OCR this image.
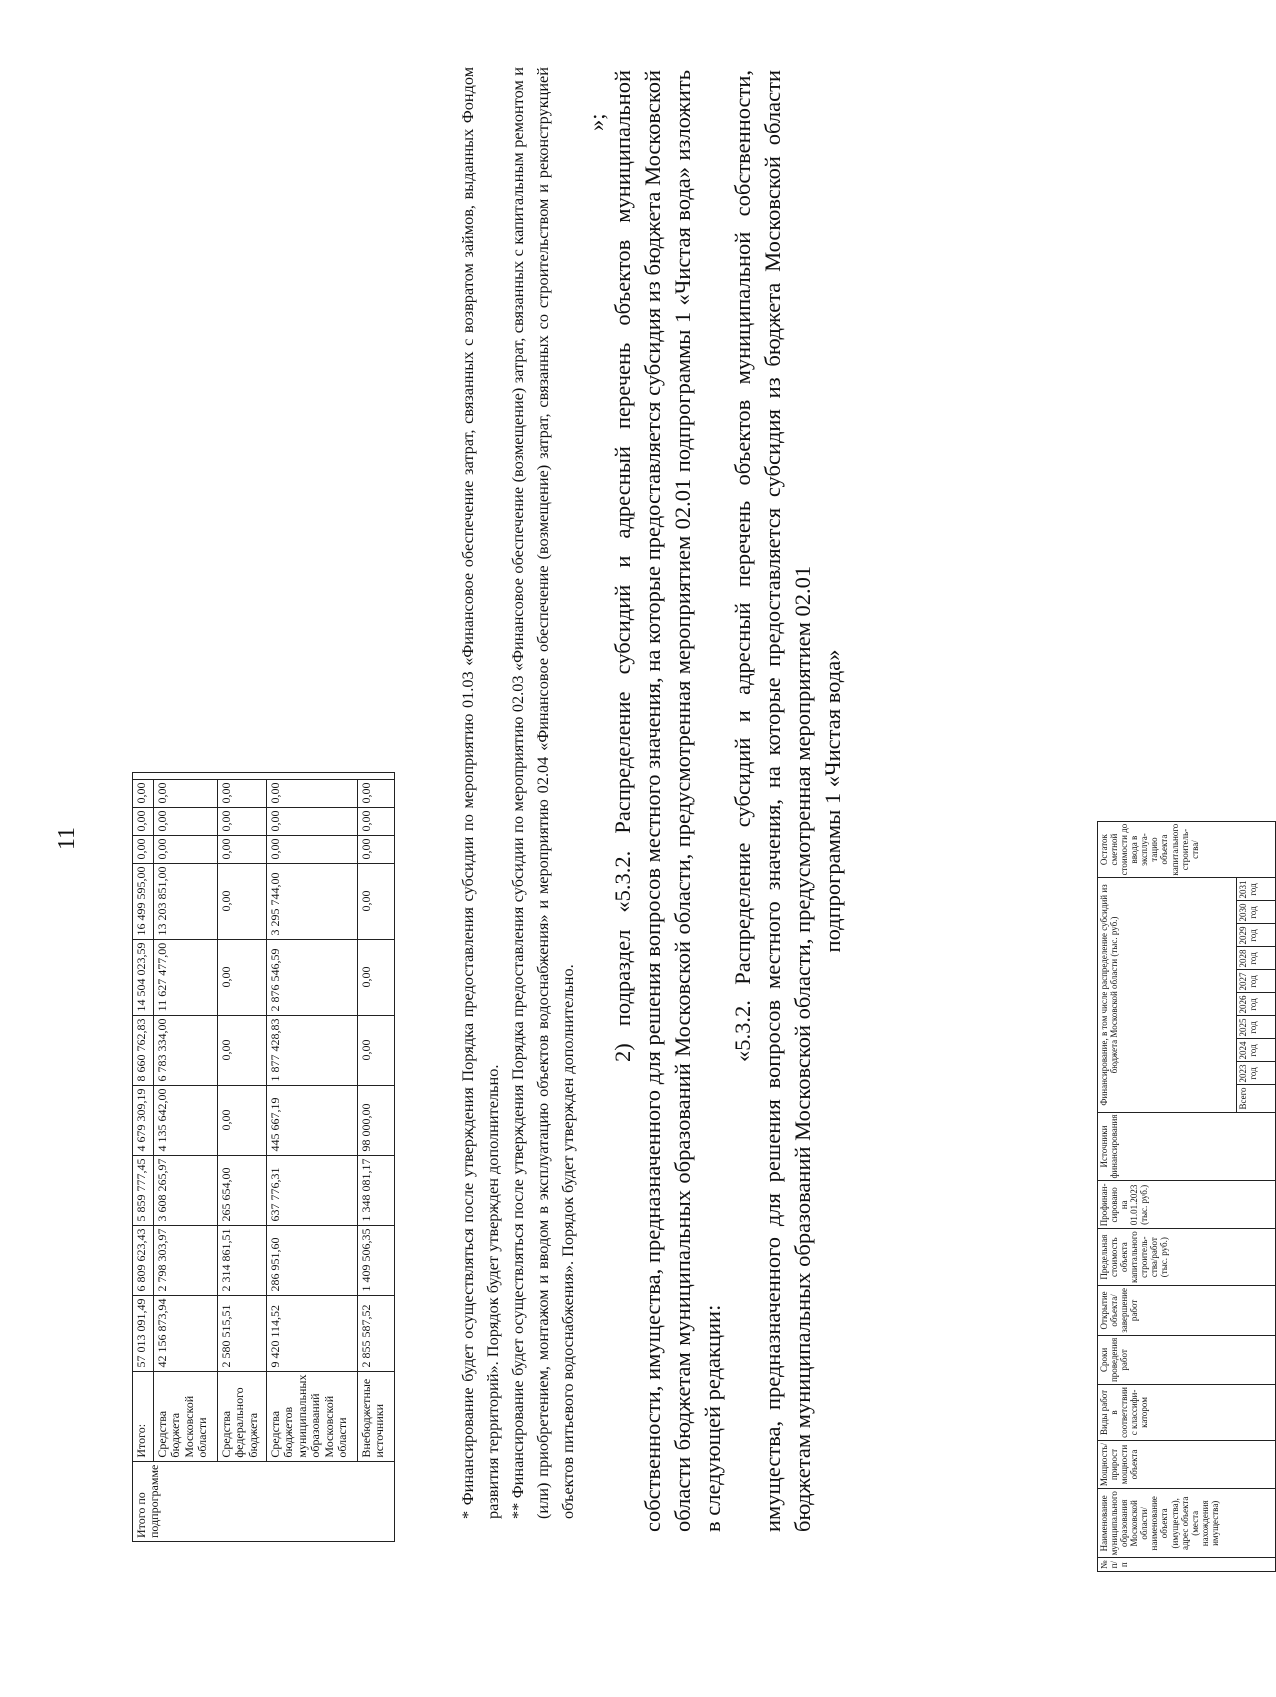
11
Итого по подпрограмме	Итого:	57 013 091,49	6 809 623,43	5 859 777,45	4 679 309,19	8 660 762,83	14 504 023,59	16 499 595,00	0,00	0,00	0,00	
	Средства бюджета Московской области	42 156 873,94	2 798 303,97	3 608 265,97	4 135 642,00	6 783 334,00	11 627 477,00	13 203 851,00	0,00	0,00	0,00	
	Средства федерального бюджета	2 580 515,51	2 314 861,51	265 654,00	0,00	0,00	0,00	0,00	0,00	0,00	0,00	
	Средства бюджетов муниципальных образований Московской области	9 420 114,52	286 951,60	637 776,31	445 667,19	1 877 428,83	2 876 546,59	3 295 744,00	0,00	0,00	0,00	
	Внебюджетные источники	2 855 587,52	1 409 506,35	1 348 081,17	98 000,00	0,00	0,00	0,00	0,00	0,00	0,00		* Финансирование будет осуществляться после утверждения Порядка предоставления субсидии по мероприятию 01.03 «Финансовое обеспечение затрат, связанных с возвратом займов, выданных Фондом развития территорий». Порядок будет утвержден дополнительно. ** Финансирование будет осуществляться после утверждения Порядка предоставления субсидии по мероприятию 02.03 «Финансовое обеспечение (возмещение) затрат, связанных с капитальным ремонтом и (или) приобретением, монтажом и вводом в эксплуатацию объектов водоснабжения» и мероприятию 02.04 «Финансовое обеспечение (возмещение) затрат, связанных со строительством и реконструкцией объектов питьевого водоснабжения». Порядок будет утвержден дополнительно.

»; 2) подраздел «5.3.2. Распределение субсидий и адресный перечень объектов муниципальной собственности, имущества, предназначенного для решения вопросов местного значения, на которые предоставляется субсидия из бюджета Московской области бюджетам муниципальных образований Московской области, предусмотренная мероприятием 02.01 подпрограммы 1 «Чистая вода» изложить в следующей редакции:

«5.3.2. Распределение субсидий и адресный перечень объектов муниципальной собственности, имущества, предназначенного для решения вопросов местного значения, на которые предоставляется субсидия из бюджета Московской области бюджетам муниципальных образований Московской области, предусмотренная мероприятием 02.01 подпрограммы 1 «Чистая вода»

№ п/п	Наименование муниципального образования Московской области/наименование объекта (имущества), адрес объекта (места нахождения имущества)	Мощность/ прирост мощности объекта	Виды работ в соответствии с классифи- катором	Сроки проведения работ	Открытие объекта/ завершение работ	Предельная стоимость объекта капитального строитель- ства/работ (тыс. руб.)	Профинан- сировано на 01.01.2023 (тыс. руб.)	Источники финансирования	Финансирование, в том числе распределение субсидий из бюджета Московской области (тыс. руб.)										Остаток сметной стоимости до ввода в эксплуа- тацию объекта капитального строитель- ства/
									Всего	2023 год	2024 год	2025 год	2026 год	2027 год	2028 год	2029 год	2030 год	2031 год	
